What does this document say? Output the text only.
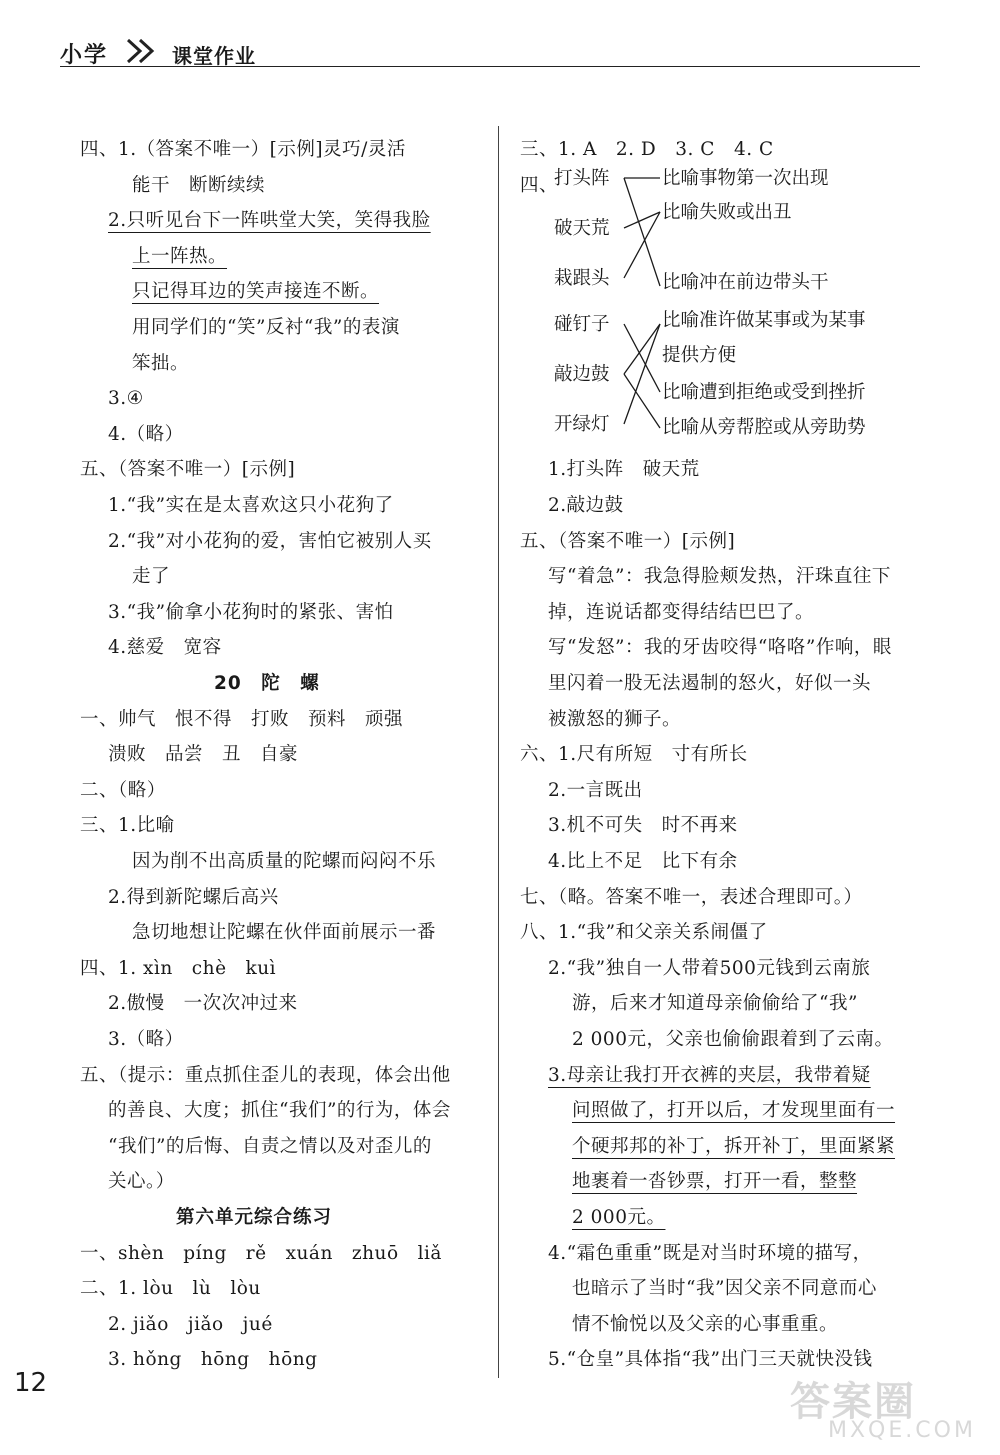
小学	课堂作业
四、1.（答案不唯一）[示例]灵巧/灵活
能干　断断续续
2.只听见台下一阵哄堂大笑，笑得我脸
上一阵热。
只记得耳边的笑声接连不断。
用同学们的“笑”反衬“我”的表演
笨拙。
3.④
4.（略）
五、（答案不唯一）[示例]
1.“我”实在是太喜欢这只小花狗了
2.“我”对小花狗的爱，害怕它被别人买
走了
3.“我”偷拿小花狗时的紧张、害怕
4.慈爱　宽容
20　陀　螺
一、帅气　恨不得　打败　预料　顽强
溃败　品尝　丑　自豪
二、（略）
三、1.比喻
因为削不出高质量的陀螺而闷闷不乐
2.得到新陀螺后高兴
急切地想让陀螺在伙伴面前展示一番
四、1. xìn　chè　kuì
2.傲慢　一次次冲过来
3.（略）
五、（提示：重点抓住歪儿的表现，体会出他
的善良、大度；抓住“我们”的行为，体会
“我们”的后悔、自责之情以及对歪儿的
关心。）
第六单元综合练习
一、shèn　píng　rě　xuán　zhuō　liǎ
二、1. lòu　lù　lòu
2. jiǎo　jiǎo　jué
3. hǒng　hōng　hōng
打头阵
破天荒
栽跟头
碰钉子
敲边鼓
开绿灯
比喻事物第一次出现
比喻失败或出丑
比喻冲在前边带头干
比喻准许做某事或为某事
提供方便
比喻遭到拒绝或受到挫折
比喻从旁帮腔或从旁助势
三、1. A　2. D　3. C　4. C
四、
1.打头阵　破天荒
2.敲边鼓
五、（答案不唯一）[示例]
写“着急”：我急得脸颊发热，汗珠直往下
掉，连说话都变得结结巴巴了。
写“发怒”：我的牙齿咬得“咯咯”作响，眼
里闪着一股无法遏制的怒火，好似一头
被激怒的狮子。
六、1.尺有所短　寸有所长
2.一言既出
3.机不可失　时不再来
4.比上不足　比下有余
七、（略。答案不唯一，表述合理即可。）
八、1.“我”和父亲关系闹僵了
2.“我”独自一人带着500元钱到云南旅
游，后来才知道母亲偷偷给了“我”
2 000元，父亲也偷偷跟着到了云南。
3.母亲让我打开衣裤的夹层，我带着疑
问照做了，打开以后，才发现里面有一
个硬邦邦的补丁，拆开补丁，里面紧紧
地裹着一沓钞票，打开一看，整整
2 000元。
4.“霜色重重”既是对当时环境的描写，
也暗示了当时“我”因父亲不同意而心
情不愉悦以及父亲的心事重重。
5.“仓皇”具体指“我”出门三天就快没钱
12	答案圈
MXQE.COM
